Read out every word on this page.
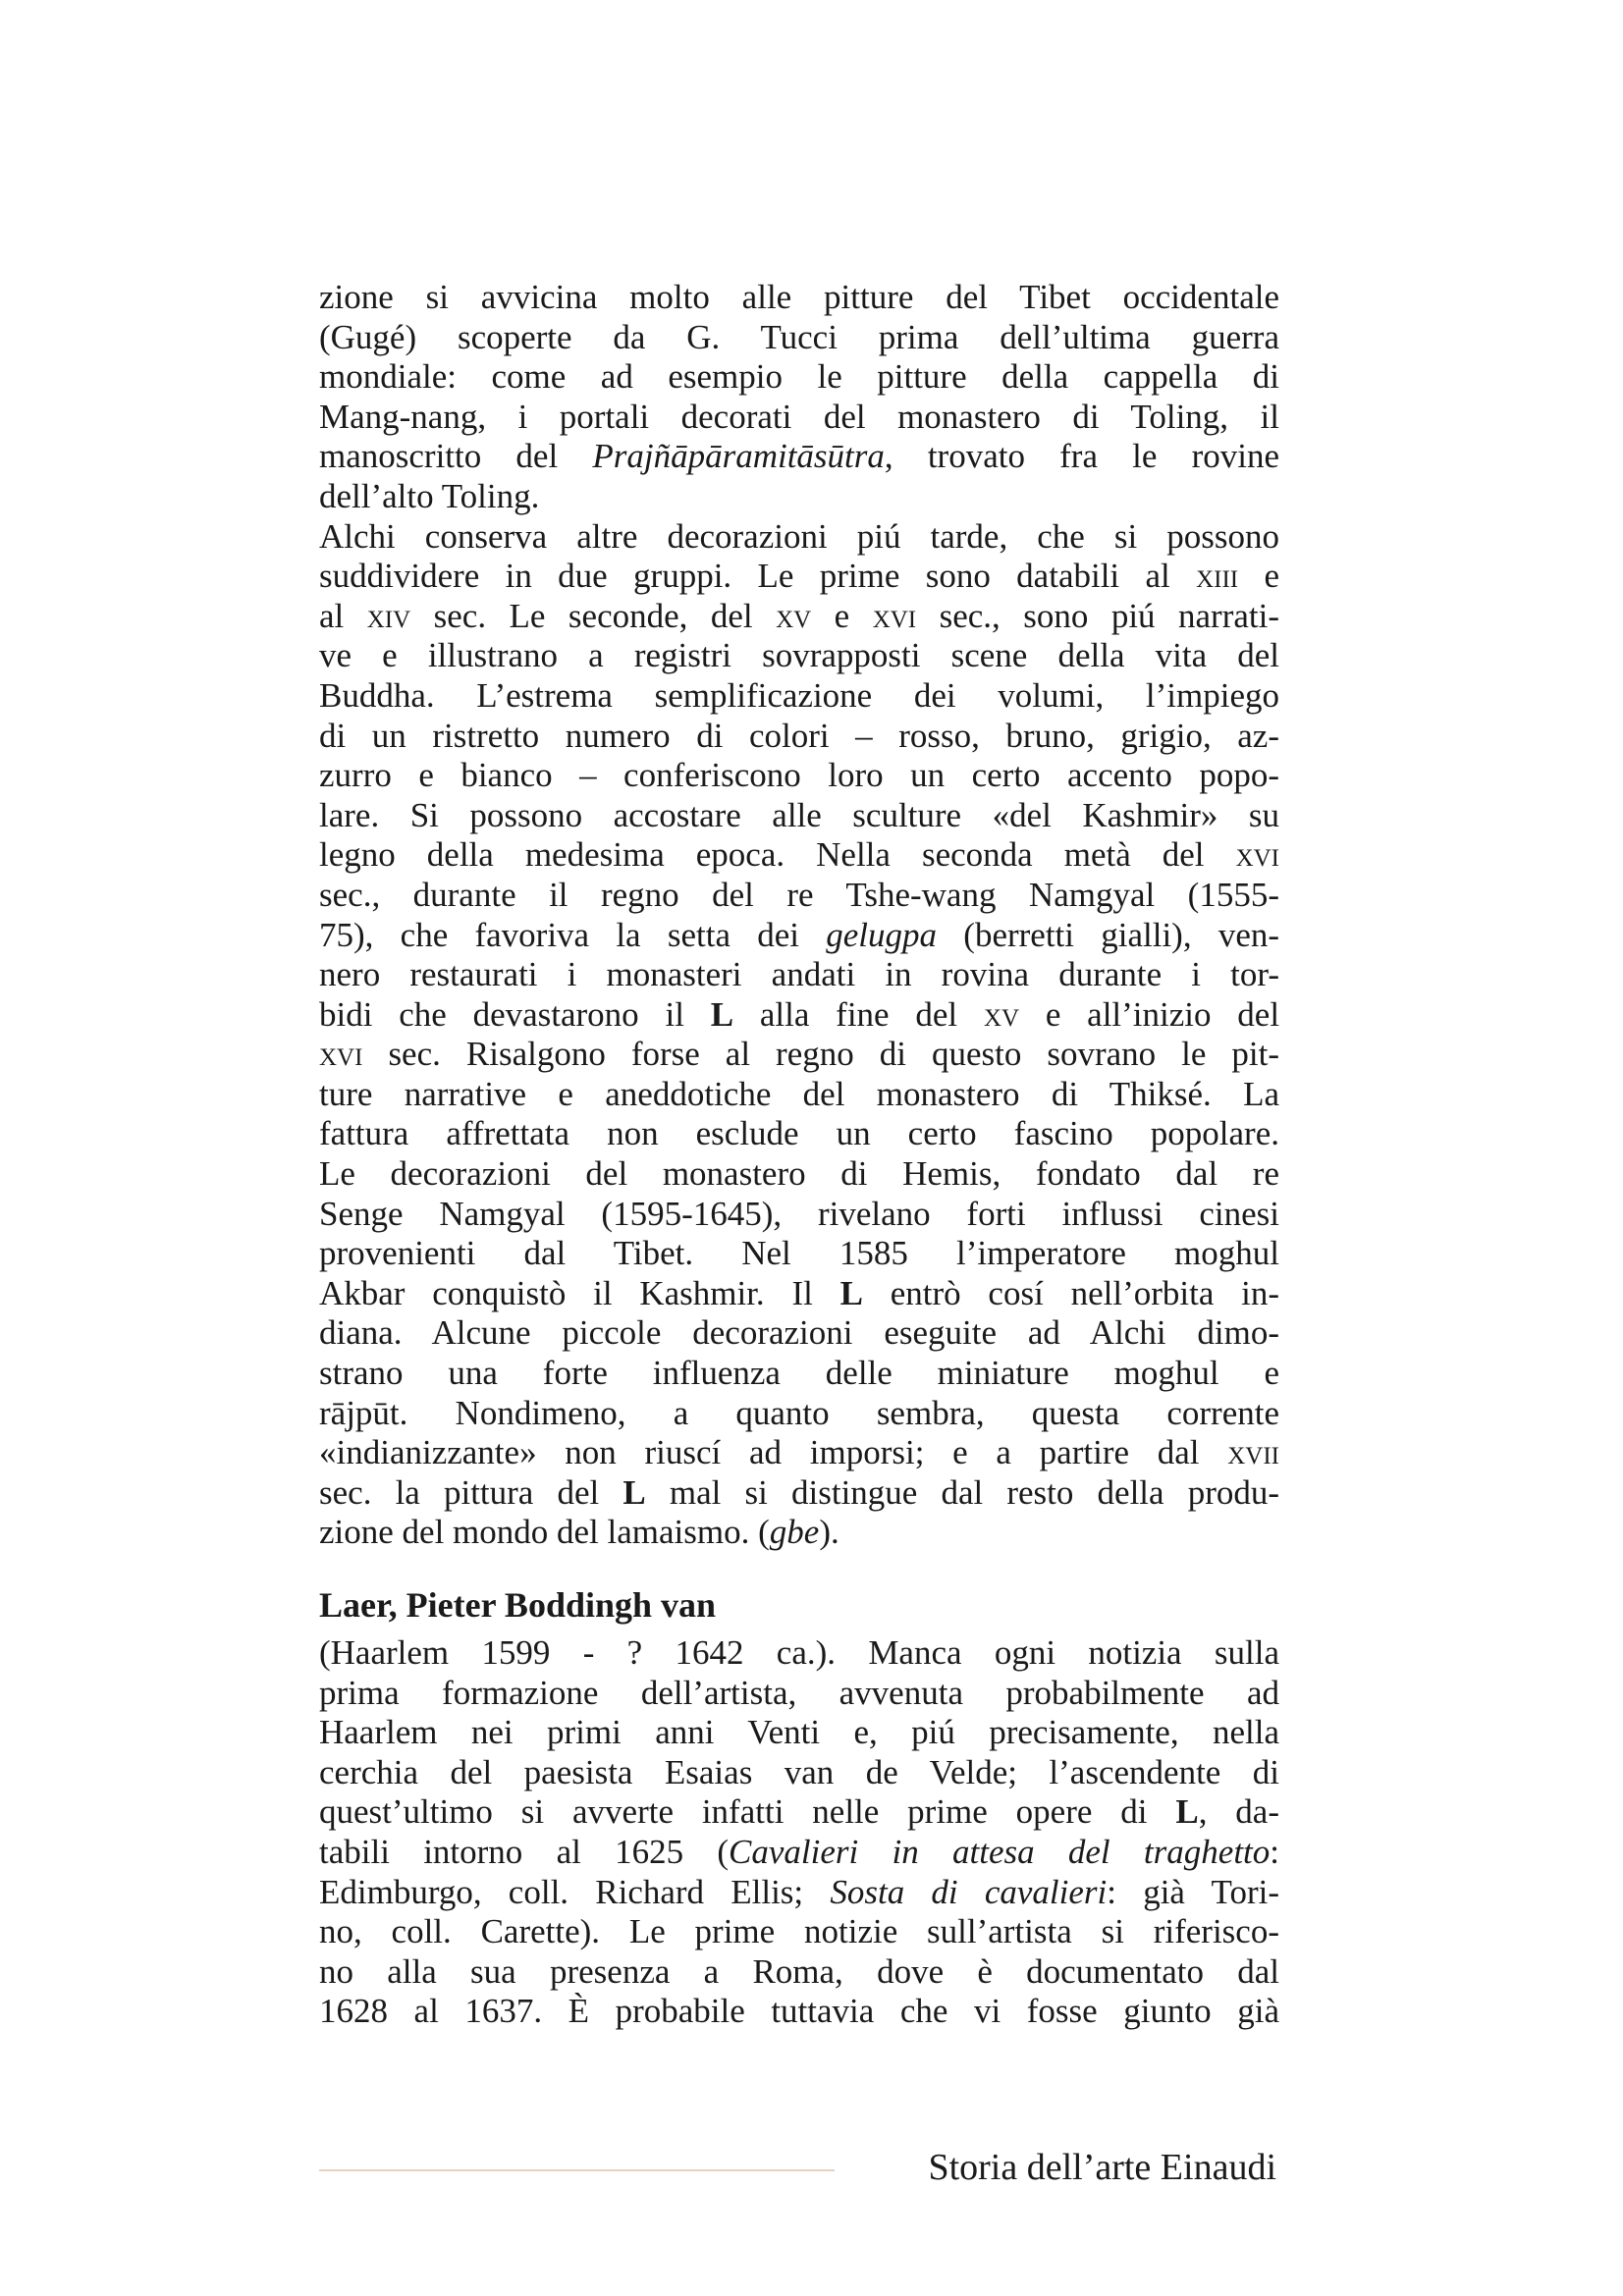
zione si avvicina molto alle pitture del Tibet occidentale
(Gugé) scoperte da G. Tucci prima dell’ultima guerra
mondiale: come ad esempio le pitture della cappella di
Mang-nang, i portali decorati del monastero di Toling, il
manoscritto del Prajñāpāramitāsūtra, trovato fra le rovine
dell’alto Toling.
Alchi conserva altre decorazioni piú tarde, che si possono
suddividere in due gruppi. Le prime sono databili al xiii e
al xiv sec. Le seconde, del xv e xvi sec., sono piú narrati-
ve e illustrano a registri sovrapposti scene della vita del
Buddha. L’estrema semplificazione dei volumi, l’impiego
di un ristretto numero di colori – rosso, bruno, grigio, az-
zurro e bianco – conferiscono loro un certo accento popo-
lare. Si possono accostare alle sculture «del Kashmir» su
legno della medesima epoca. Nella seconda metà del xvi
sec., durante il regno del re Tshe-wang Namgyal (1555-
75), che favoriva la setta dei gelugpa (berretti gialli), ven-
nero restaurati i monasteri andati in rovina durante i tor-
bidi che devastarono il L alla fine del xv e all’inizio del
xvi sec. Risalgono forse al regno di questo sovrano le pit-
ture narrative e aneddotiche del monastero di Thiksé. La
fattura affrettata non esclude un certo fascino popolare.
Le decorazioni del monastero di Hemis, fondato dal re
Senge Namgyal (1595-1645), rivelano forti influssi cinesi
provenienti dal Tibet. Nel 1585 l’imperatore moghul
Akbar conquistò il Kashmir. Il L entrò cosí nell’orbita in-
diana. Alcune piccole decorazioni eseguite ad Alchi dimo-
strano una forte influenza delle miniature moghul e
rājpūt. Nondimeno, a quanto sembra, questa corrente
«indianizzante» non riuscí ad imporsi; e a partire dal xvii
sec. la pittura del L mal si distingue dal resto della produ-
zione del mondo del lamaismo. (gbe).
Laer, Pieter Boddingh van
(Haarlem 1599 - ? 1642 ca.). Manca ogni notizia sulla
prima formazione dell’artista, avvenuta probabilmente ad
Haarlem nei primi anni Venti e, piú precisamente, nella
cerchia del paesista Esaias van de Velde; l’ascendente di
quest’ultimo si avverte infatti nelle prime opere di L, da-
tabili intorno al 1625 (Cavalieri in attesa del traghetto:
Edimburgo, coll. Richard Ellis; Sosta di cavalieri: già Tori-
no, coll. Carette). Le prime notizie sull’artista si riferisco-
no alla sua presenza a Roma, dove è documentato dal
1628 al 1637. È probabile tuttavia che vi fosse giunto già
Storia dell’arte Einaudi
